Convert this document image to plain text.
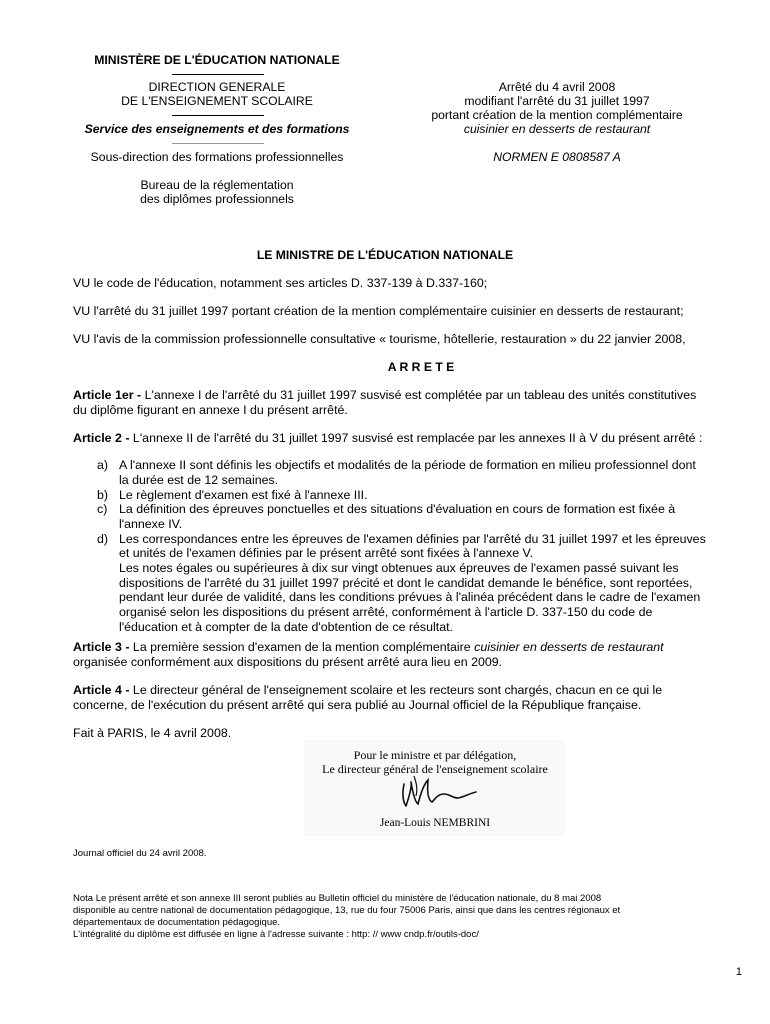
MINISTÈRE DE L'ÉDUCATION NATIONALE
DIRECTION GENERALE
DE L'ENSEIGNEMENT SCOLAIRE
Service des enseignements et des formations
Sous-direction des formations professionnelles
Bureau de la réglementation
des diplômes professionnels
Arrêté du 4 avril 2008
modifiant l'arrêté du 31 juillet 1997
portant création de la mention complémentaire
cuisinier en desserts de restaurant
NORMEN E 0808587 A
LE MINISTRE DE L'ÉDUCATION NATIONALE
VU le code de l'éducation, notamment ses articles D. 337-139 à D.337-160;
VU l'arrêté du 31 juillet 1997 portant création de la mention complémentaire cuisinier en desserts de restaurant;
VU l'avis de la commission professionnelle consultative « tourisme, hôtellerie, restauration » du 22 janvier 2008,
A R R E T E
Article 1er - L'annexe I de l'arrêté du 31 juillet 1997 susvisé est complétée par un tableau des unités constitutives
du diplôme figurant en annexe I du présent arrêté.
Article 2 - L'annexe II de l'arrêté du 31 juillet 1997 susvisé est remplacée par les annexes II à V du présent arrêté :
a) A l'annexe II sont définis les objectifs et modalités de la période de formation en milieu professionnel dont
la durée est de 12 semaines.
b) Le règlement d'examen est fixé à l'annexe III.
c) La définition des épreuves ponctuelles et des situations d'évaluation en cours de formation est fixée à
l'annexe IV.
d) Les correspondances entre les épreuves de l'examen définies par l'arrêté du 31 juillet 1997 et les épreuves
et unités de l'examen définies par le présent arrêté sont fixées à l'annexe V.
Les notes égales ou supérieures à dix sur vingt obtenues aux épreuves de l'examen passé suivant les
dispositions de l'arrêté du 31 juillet 1997 précité et dont le candidat demande le bénéfice, sont reportées,
pendant leur durée de validité, dans les conditions prévues à l'alinéa précédent dans le cadre de l'examen
organisé selon les dispositions du présent arrêté, conformément à l'article D. 337-150 du code de
l'éducation et à compter de la date d'obtention de ce résultat.
Article 3 - La première session d'examen de la mention complémentaire cuisinier en desserts de restaurant
organisée conformément aux dispositions du présent arrêté aura lieu en 2009.
Article 4 - Le directeur général de l'enseignement scolaire et les recteurs sont chargés, chacun en ce qui le
concerne, de l'exécution du présent arrêté qui sera publié au Journal officiel de la République française.
Fait à PARIS, le 4 avril 2008.
Pour le ministre et par délégation,
Le directeur général de l'enseignement scolaire
Jean-Louis NEMBRINI
Journal officiel du 24 avril 2008.
Nota Le présent arrêté et son annexe III seront publiés au Bulletin officiel du ministère de l'éducation nationale, du 8 mai 2008
disponible au centre national de documentation pédagogique, 13, rue du four 75006 Paris, ainsi que dans les centres régionaux et
départementaux de documentation pédagogique.
L'intégralité du diplôme est diffusée en ligne à l'adresse suivante : http: // www cndp.fr/outils-doc/
1
